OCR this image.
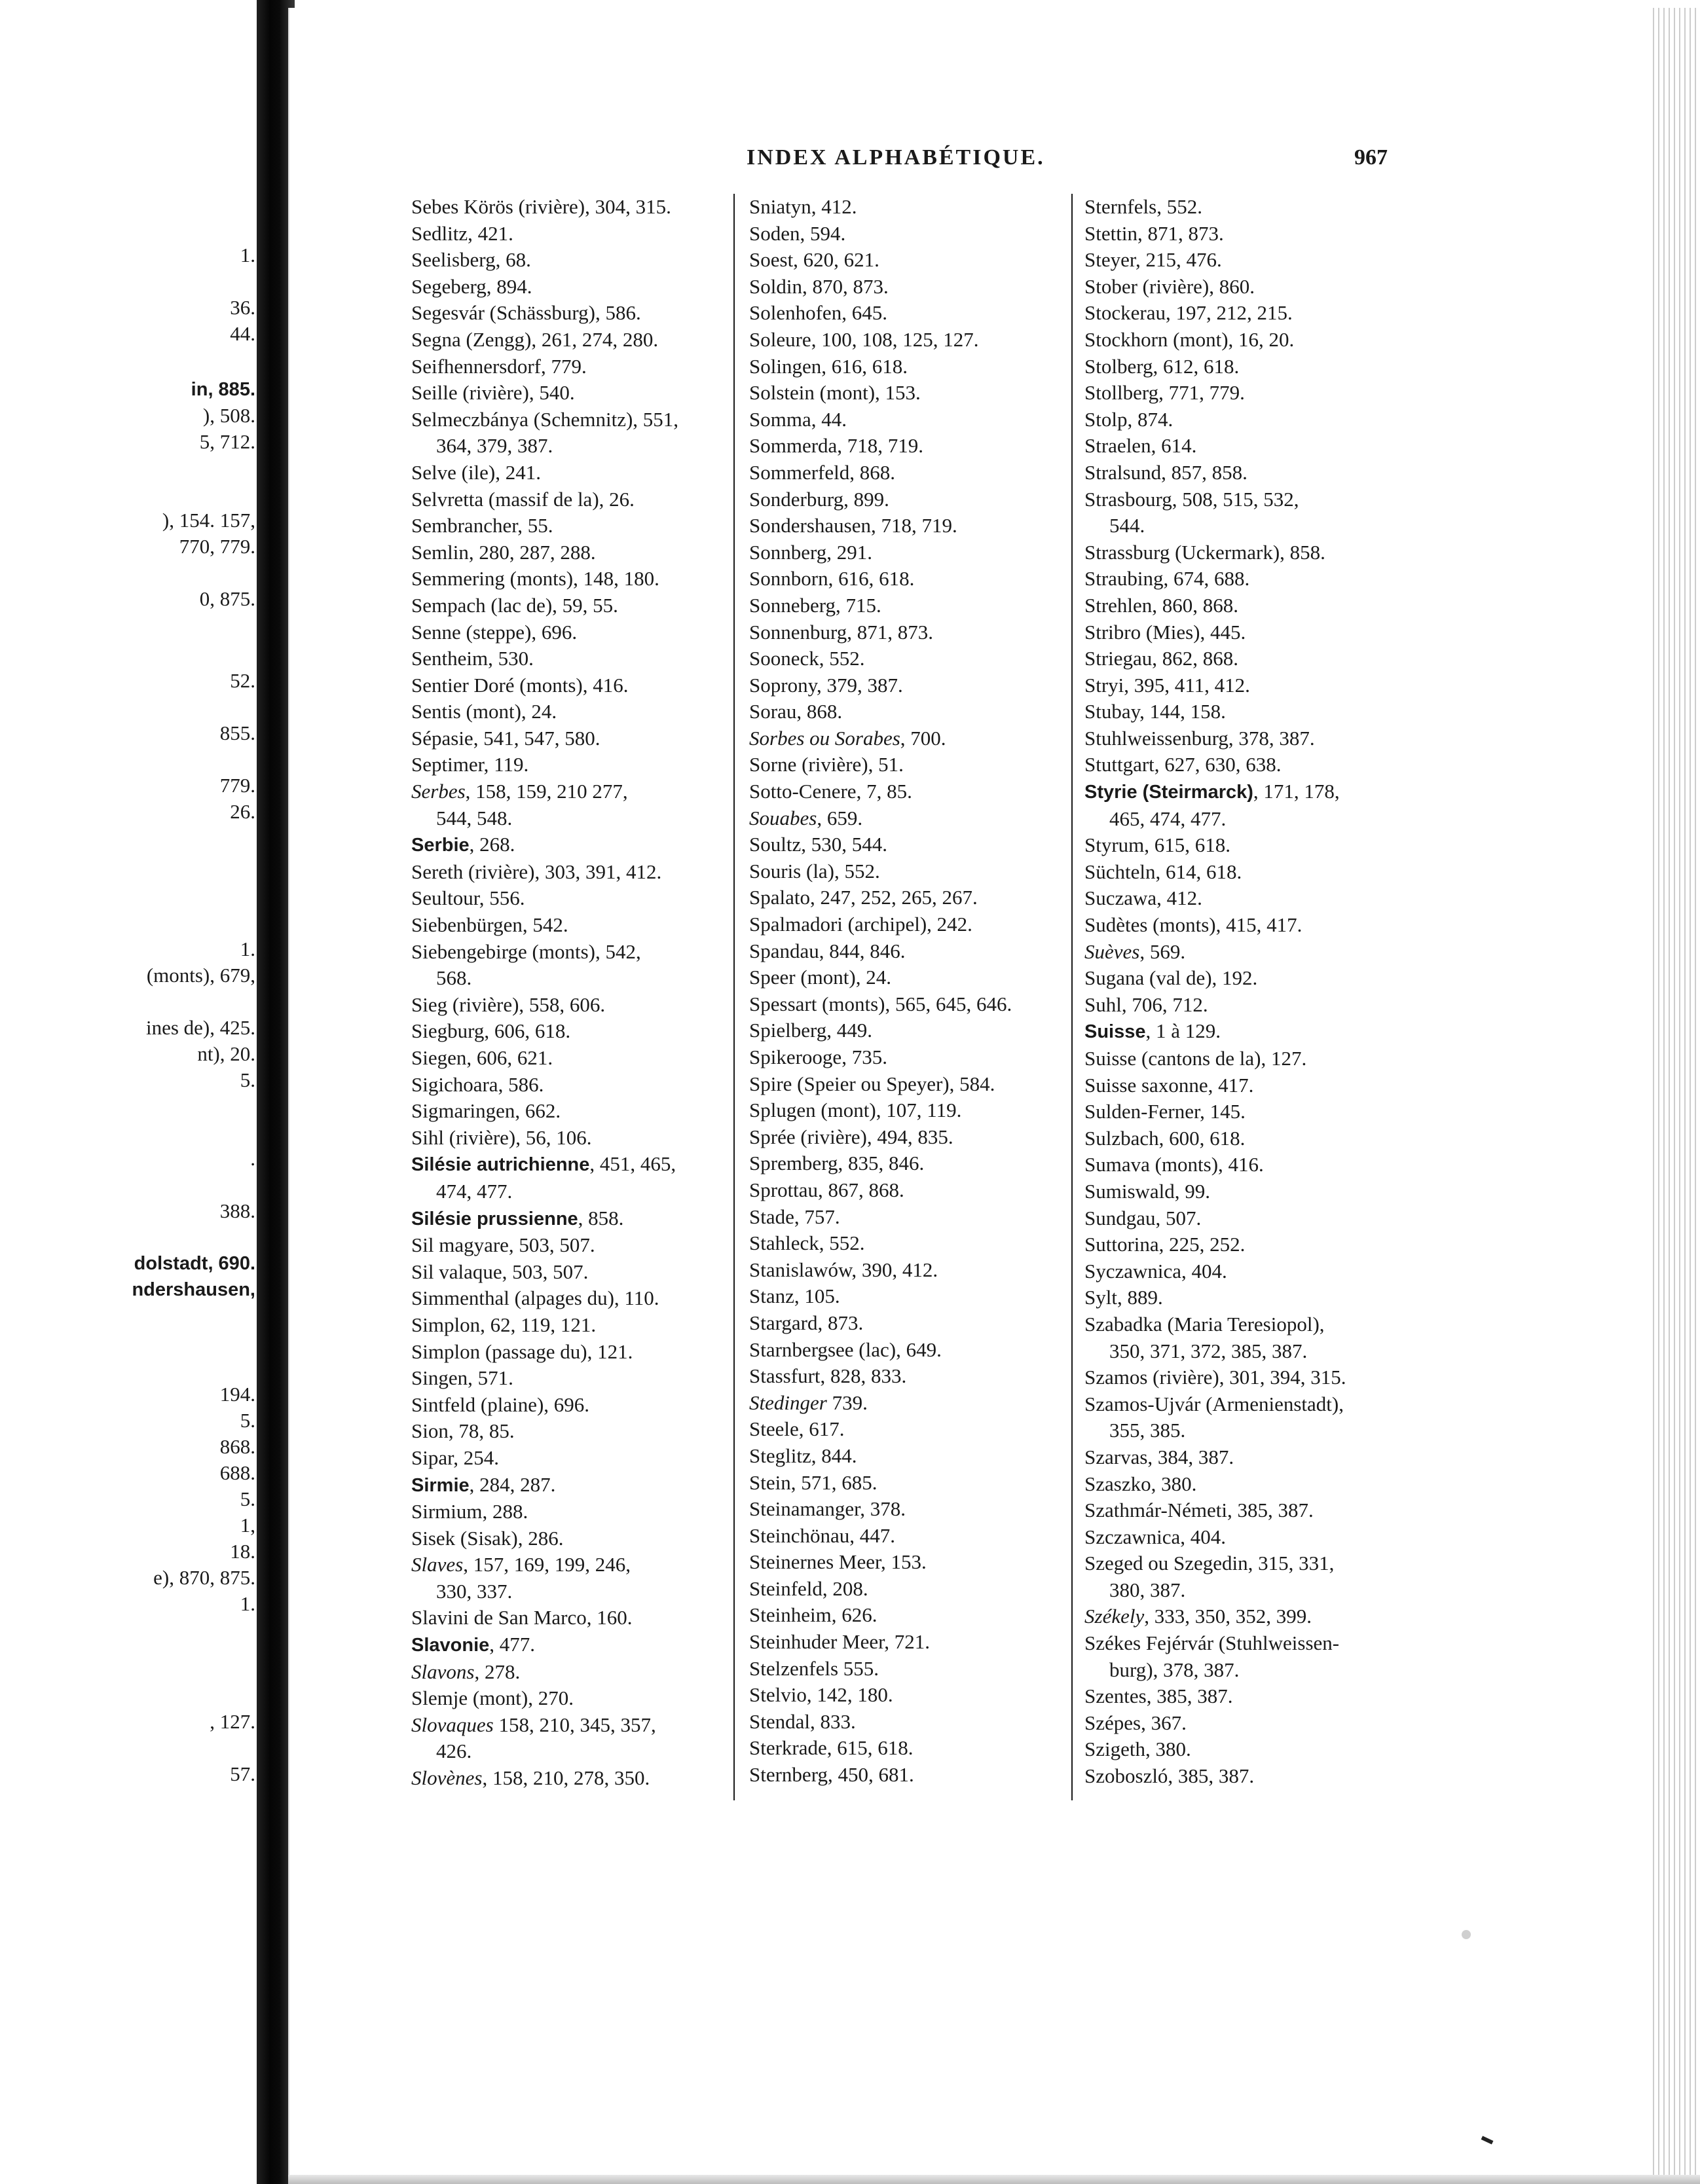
1.
36.
44.
in, 885.
), 508.
5, 712.
), 154. 157,
770, 779.
0, 875.
52.
855.
779.
26.
1.
(monts), 679,
ines de), 425.
nt), 20.
5.
.
388.
dolstadt, 690.
ndershausen,
194.
5.
868.
688.
5.
1,
18.
e), 870, 875.
1.
, 127.
57.
INDEX ALPHABÉTIQUE.	967
Sebes Körös (rivière), 304, 315.
Sedlitz, 421.
Seelisberg, 68.
Segeberg, 894.
Segesvár (Schässburg), 586.
Segna (Zengg), 261, 274, 280.
Seifhennersdorf, 779.
Seille (rivière), 540.
Selmeczbánya (Schemnitz), 551,
364, 379, 387.
Selve (ile), 241.
Selvretta (massif de la), 26.
Sembrancher, 55.
Semlin, 280, 287, 288.
Semmering (monts), 148, 180.
Sempach (lac de), 59, 55.
Senne (steppe), 696.
Sentheim, 530.
Sentier Doré (monts), 416.
Sentis (mont), 24.
Sépasie, 541, 547, 580.
Septimer, 119.
Serbes, 158, 159, 210 277,
544, 548.
Serbie, 268.
Sereth (rivière), 303, 391, 412.
Seultour, 556.
Siebenbürgen, 542.
Siebengebirge (monts), 542,
568.
Sieg (rivière), 558, 606.
Siegburg, 606, 618.
Siegen, 606, 621.
Sigichoara, 586.
Sigmaringen, 662.
Sihl (rivière), 56, 106.
Silésie autrichienne, 451, 465,
474, 477.
Silésie prussienne, 858.
Sil magyare, 503, 507.
Sil valaque, 503, 507.
Simmenthal (alpages du), 110.
Simplon, 62, 119, 121.
Simplon (passage du), 121.
Singen, 571.
Sintfeld (plaine), 696.
Sion, 78, 85.
Sipar, 254.
Sirmie, 284, 287.
Sirmium, 288.
Sisek (Sisak), 286.
Slaves, 157, 169, 199, 246,
330, 337.
Slavini de San Marco, 160.
Slavonie, 477.
Slavons, 278.
Slemje (mont), 270.
Slovaques 158, 210, 345, 357,
426.
Slovènes, 158, 210, 278, 350.
Sniatyn, 412.
Soden, 594.
Soest, 620, 621.
Soldin, 870, 873.
Solenhofen, 645.
Soleure, 100, 108, 125, 127.
Solingen, 616, 618.
Solstein (mont), 153.
Somma, 44.
Sommerda, 718, 719.
Sommerfeld, 868.
Sonderburg, 899.
Sondershausen, 718, 719.
Sonnberg, 291.
Sonnborn, 616, 618.
Sonneberg, 715.
Sonnenburg, 871, 873.
Sooneck, 552.
Soprony, 379, 387.
Sorau, 868.
Sorbes ou Sorabes, 700.
Sorne (rivière), 51.
Sotto-Cenere, 7, 85.
Souabes, 659.
Soultz, 530, 544.
Souris (la), 552.
Spalato, 247, 252, 265, 267.
Spalmadori (archipel), 242.
Spandau, 844, 846.
Speer (mont), 24.
Spessart (monts), 565, 645, 646.
Spielberg, 449.
Spikerooge, 735.
Spire (Speier ou Speyer), 584.
Splugen (mont), 107, 119.
Sprée (rivière), 494, 835.
Spremberg, 835, 846.
Sprottau, 867, 868.
Stade, 757.
Stahleck, 552.
Stanislawów, 390, 412.
Stanz, 105.
Stargard, 873.
Starnbergsee (lac), 649.
Stassfurt, 828, 833.
Stedinger 739.
Steele, 617.
Steglitz, 844.
Stein, 571, 685.
Steinamanger, 378.
Steinchönau, 447.
Steinernes Meer, 153.
Steinfeld, 208.
Steinheim, 626.
Steinhuder Meer, 721.
Stelzenfels 555.
Stelvio, 142, 180.
Stendal, 833.
Sterkrade, 615, 618.
Sternberg, 450, 681.
Sternfels, 552.
Stettin, 871, 873.
Steyer, 215, 476.
Stober (rivière), 860.
Stockerau, 197, 212, 215.
Stockhorn (mont), 16, 20.
Stolberg, 612, 618.
Stollberg, 771, 779.
Stolp, 874.
Straelen, 614.
Stralsund, 857, 858.
Strasbourg, 508, 515, 532,
544.
Strassburg (Uckermark), 858.
Straubing, 674, 688.
Strehlen, 860, 868.
Stribro (Mies), 445.
Striegau, 862, 868.
Stryi, 395, 411, 412.
Stubay, 144, 158.
Stuhlweissenburg, 378, 387.
Stuttgart, 627, 630, 638.
Styrie (Steirmarck), 171, 178,
465, 474, 477.
Styrum, 615, 618.
Süchteln, 614, 618.
Suczawa, 412.
Sudètes (monts), 415, 417.
Suèves, 569.
Sugana (val de), 192.
Suhl, 706, 712.
Suisse, 1 à 129.
Suisse (cantons de la), 127.
Suisse saxonne, 417.
Sulden-Ferner, 145.
Sulzbach, 600, 618.
Sumava (monts), 416.
Sumiswald, 99.
Sundgau, 507.
Suttorina, 225, 252.
Syczawnica, 404.
Sylt, 889.
Szabadka (Maria Teresiopol),
350, 371, 372, 385, 387.
Szamos (rivière), 301, 394, 315.
Szamos-Ujvár (Armenienstadt),
355, 385.
Szarvas, 384, 387.
Szaszko, 380.
Szathmár-Németi, 385, 387.
Szczawnica, 404.
Szeged ou Szegedin, 315, 331,
380, 387.
Székely, 333, 350, 352, 399.
Székes Fejérvár (Stuhlweissen-
burg), 378, 387.
Szentes, 385, 387.
Szépes, 367.
Szigeth, 380.
Szoboszló, 385, 387.
